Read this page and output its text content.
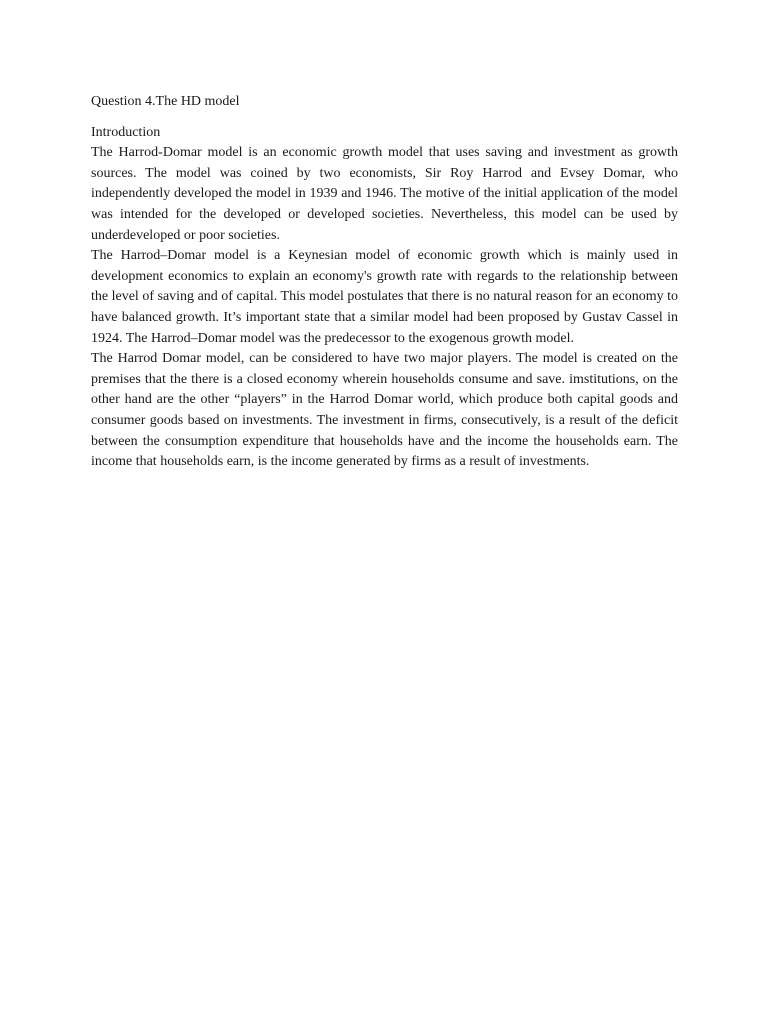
Question 4.The HD model

Introduction

The Harrod-Domar model is an economic growth model that uses saving and investment as growth sources. The model was coined by two economists, Sir Roy Harrod and Evsey Domar, who independently developed the model in 1939 and 1946. The motive of the initial application of the model was intended for the developed or developed societies. Nevertheless, this model can be used by underdeveloped or poor societies.

The Harrod–Domar model is a Keynesian model of economic growth which is mainly used in development economics to explain an economy's growth rate with regards to the relationship between the level of saving and of capital. This model postulates that there is no natural reason for an economy to have balanced growth. It’s important state that a similar model had been proposed by Gustav Cassel in 1924. The Harrod–Domar model was the predecessor to the exogenous growth model.

The Harrod Domar model, can be considered to have two major players. The model is created on the premises that the there is a closed economy wherein households consume and save. imstitutions, on the other hand are the other “players” in the Harrod Domar world, which produce both capital goods and consumer goods based on investments. The investment in firms, consecutively, is a result of the deficit between the consumption expenditure that households have and the income the households earn. The income that households earn, is the income generated by firms as a result of investments.
